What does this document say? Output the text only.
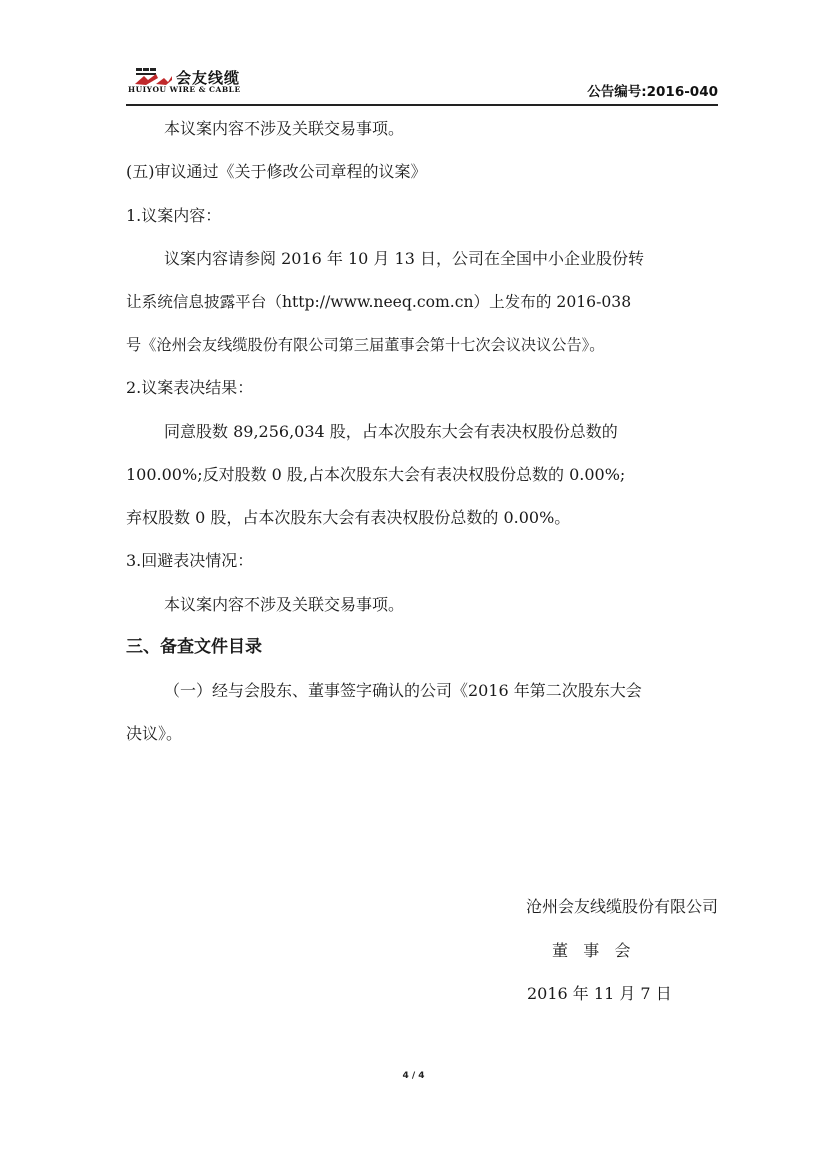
会友线缆
HUIYOU WIRE & CABLE	公告编号:2016-040
本议案内容不涉及关联交易事项。
(五)审议通过《关于修改公司章程的议案》
1.议案内容：
议案内容请参阅 2016 年 10 月 13 日，公司在全国中小企业股份转
让系统信息披露平台（http://www.neeq.com.cn）上发布的 2016-038
号《沧州会友线缆股份有限公司第三届董事会第十七次会议决议公告》。
2.议案表决结果：
同意股数 89,256,034 股，占本次股东大会有表决权股份总数的
100.00%;反对股数 0 股,占本次股东大会有表决权股份总数的 0.00%;
弃权股数 0 股，占本次股东大会有表决权股份总数的 0.00%。
3.回避表决情况：
本议案内容不涉及关联交易事项。
三、备查文件目录
（一）经与会股东、董事签字确认的公司《2016 年第二次股东大会
决议》。
沧州会友线缆股份有限公司
董   事   会
2016 年 11 月 7 日
4 / 4
